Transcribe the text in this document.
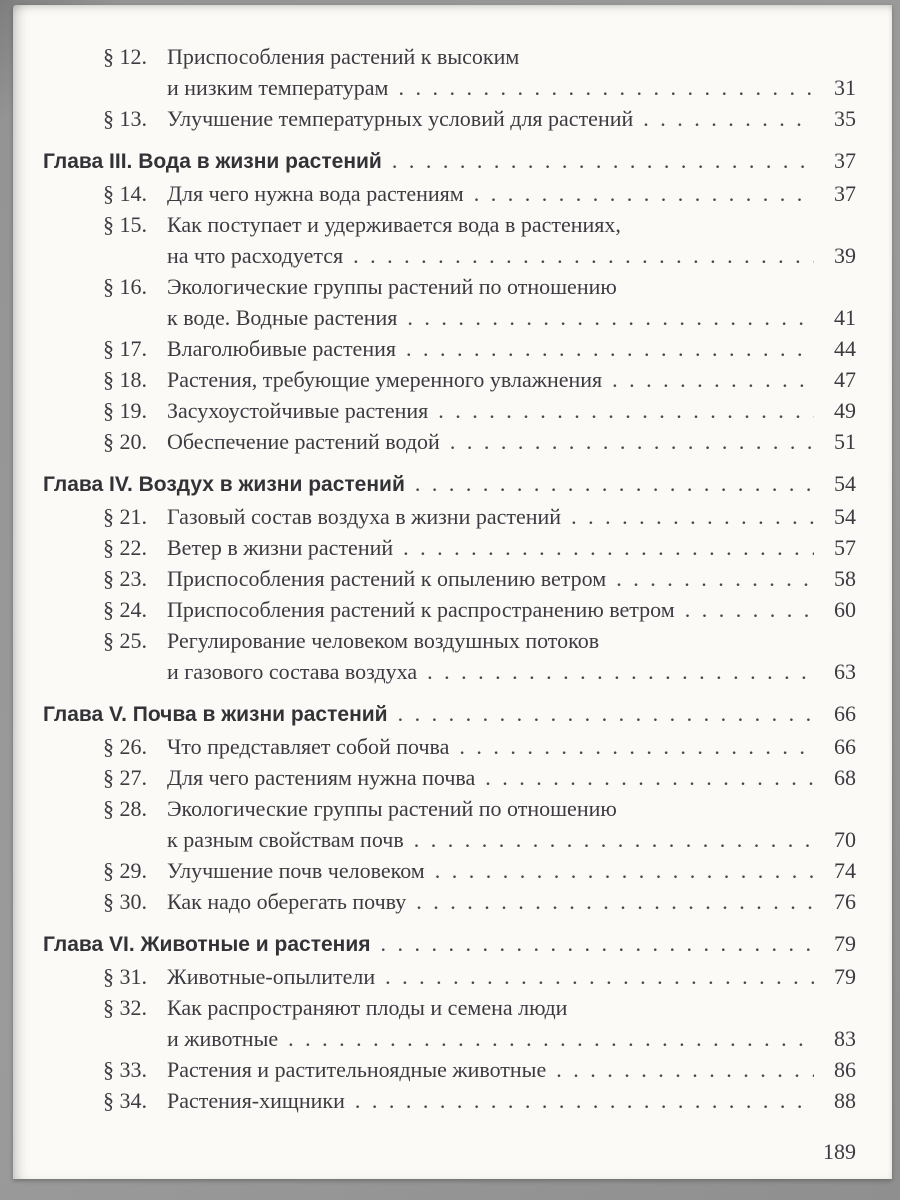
§ 12. Приспособления растений к высоким
и низким температурам . . .	31
§ 13. Улучшение температурных условий для растений . . .	35
Глава III. Вода в жизни растений . . .	37
§ 14. Для чего нужна вода растениям . . .	37
§ 15. Как поступает и удерживается вода в растениях,
на что расходуется . . .	39
§ 16. Экологические группы растений по отношению
к воде. Водные растения . . .	41
§ 17. Влаголюбивые растения . . .	44
§ 18. Растения, требующие умеренного увлажнения . . .	47
§ 19. Засухоустойчивые растения . . .	49
§ 20. Обеспечение растений водой . . .	51
Глава IV. Воздух в жизни растений . . .	54
§ 21. Газовый состав воздуха в жизни растений . . .	54
§ 22. Ветер в жизни растений . . .	57
§ 23. Приспособления растений к опылению ветром . . .	58
§ 24. Приспособления растений к распространению ветром . . .	60
§ 25. Регулирование человеком воздушных потоков
и газового состава воздуха . . .	63
Глава V. Почва в жизни растений . . .	66
§ 26. Что представляет собой почва . . .	66
§ 27. Для чего растениям нужна почва . . .	68
§ 28. Экологические группы растений по отношению
к разным свойствам почв . . .	70
§ 29. Улучшение почв человеком . . .	74
§ 30. Как надо оберегать почву . . .	76
Глава VI. Животные и растения . . .	79
§ 31. Животные-опылители . . .	79
§ 32. Как распространяют плоды и семена люди
и животные . . .	83
§ 33. Растения и растительноядные животные . . .	86
§ 34. Растения-хищники . . .	88
189
